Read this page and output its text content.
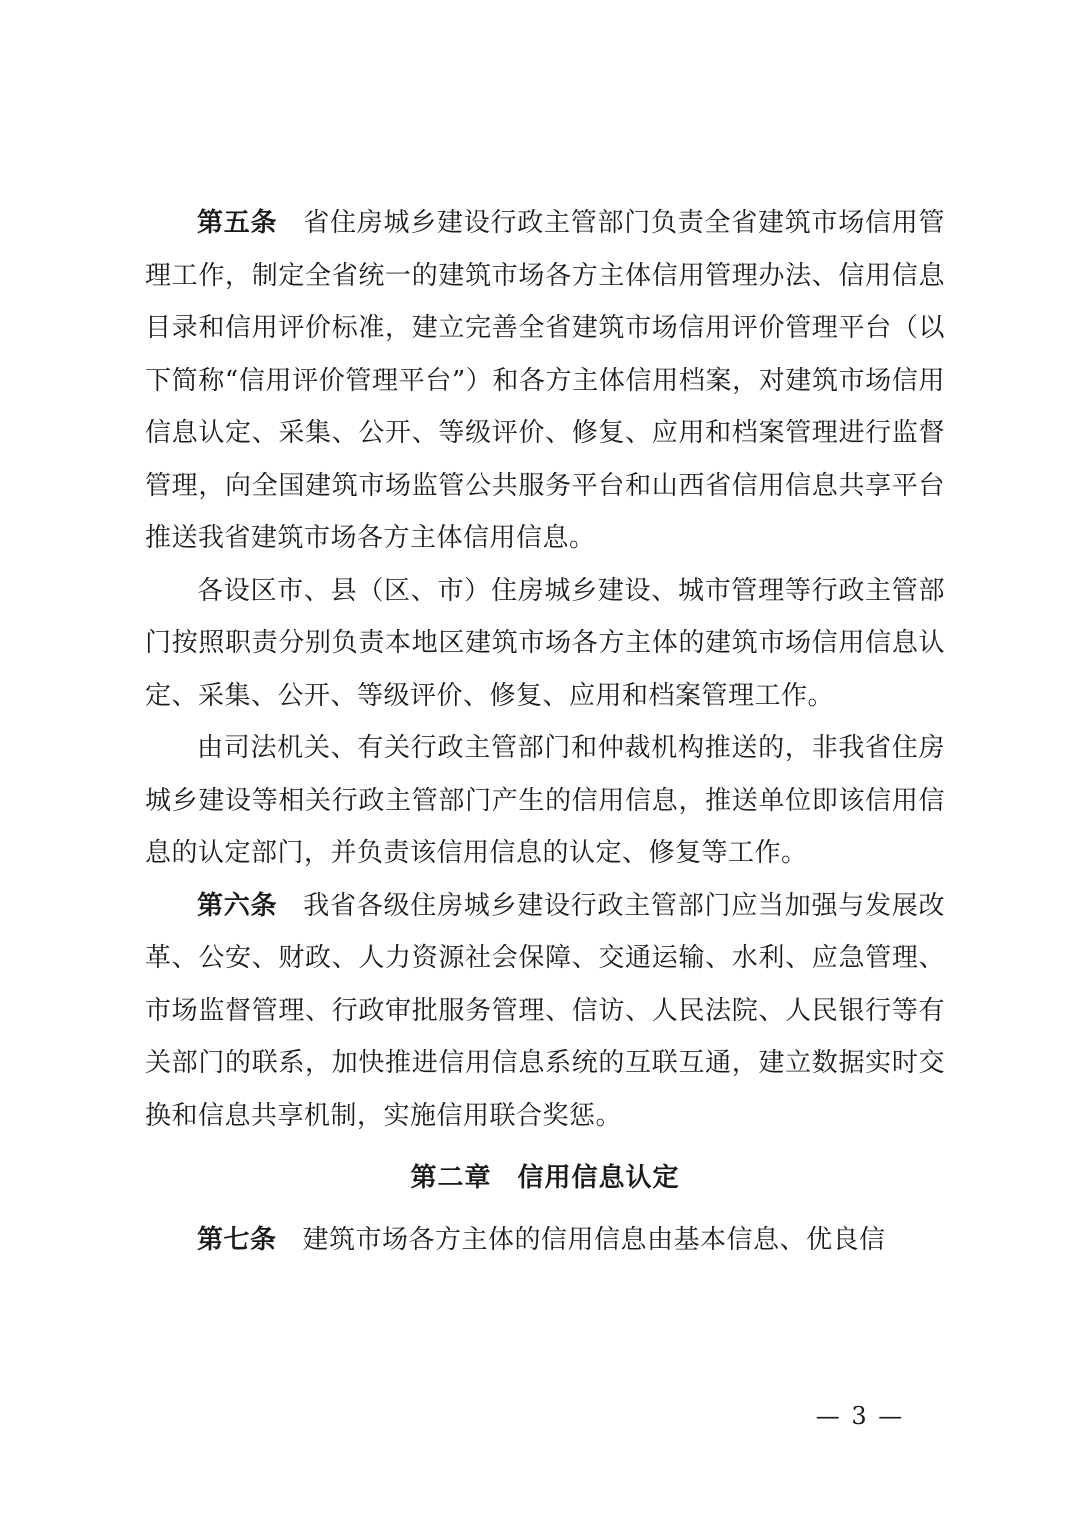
第五条 省住房城乡建设行政主管部门负责全省建筑市场信用管理工作，制定全省统一的建筑市场各方主体信用管理办法、信用信息目录和信用评价标准，建立完善全省建筑市场信用评价管理平台（以下简称“信用评价管理平台”）和各方主体信用档案，对建筑市场信用信息认定、采集、公开、等级评价、修复、应用和档案管理进行监督管理，向全国建筑市场监管公共服务平台和山西省信用信息共享平台推送我省建筑市场各方主体信用信息。

各设区市、县（区、市）住房城乡建设、城市管理等行政主管部门按照职责分别负责本地区建筑市场各方主体的建筑市场信用信息认定、采集、公开、等级评价、修复、应用和档案管理工作。

由司法机关、有关行政主管部门和仲裁机构推送的，非我省住房城乡建设等相关行政主管部门产生的信用信息，推送单位即该信用信息的认定部门，并负责该信用信息的认定、修复等工作。

第六条 我省各级住房城乡建设行政主管部门应当加强与发展改革、公安、财政、人力资源社会保障、交通运输、水利、应急管理、市场监督管理、行政审批服务管理、信访、人民法院、人民银行等有关部门的联系，加快推进信用信息系统的互联互通，建立数据实时交换和信息共享机制，实施信用联合奖惩。

第二章 信用信息认定

第七条 建筑市场各方主体的信用信息由基本信息、优良信

— 3 —
